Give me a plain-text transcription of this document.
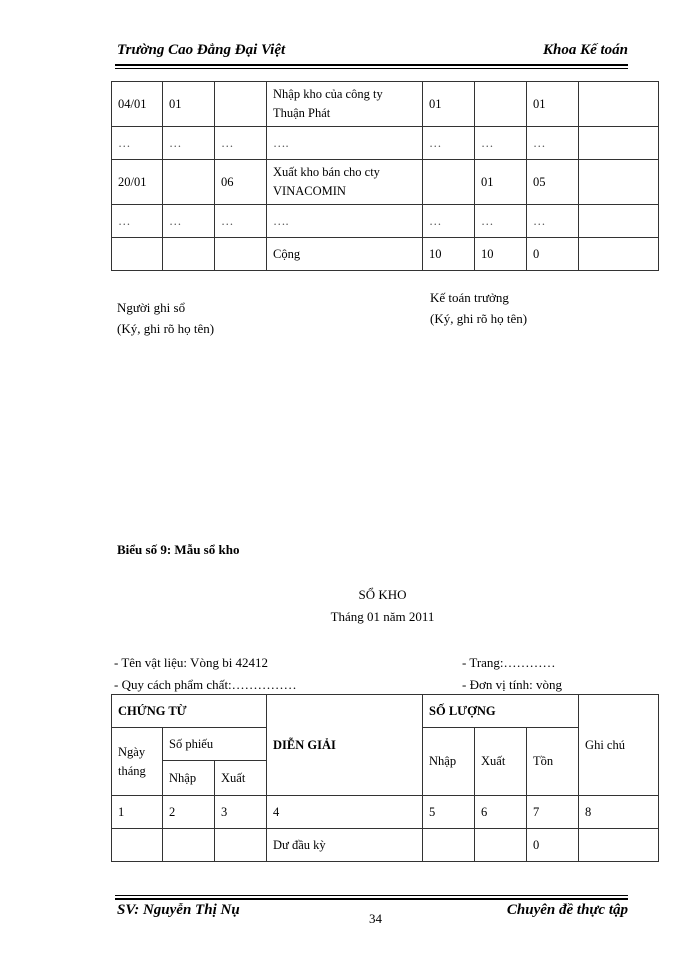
Trường Cao Đẳng Đại Việt	Khoa Kế toán
04/01	01		Nhập kho của công ty Thuận Phát	01		01	
…	…	…	….	…	…	…	
20/01		06	Xuất kho bán cho cty VINACOMIN		01	05	
…	…	…	….	…	…	…	
			Cộng	10	10	0	
Người ghi sổ
(Ký, ghi rõ họ tên)
Kế toán trưởng
(Ký, ghi rõ họ tên)
Biểu số 9: Mẫu sổ kho
SỔ KHO
Tháng 01 năm 2011
- Tên vật liệu: Vòng bi 42412
- Quy cách phẩm chất:……………
- Trang:…………
- Đơn vị tính: vòng
CHỨNG TỪ			DIỄN GIẢI	SỐ LƯỢNG			Ghi chú
Ngày tháng	Số phiếu			Nhập	Xuất	Tồn	
	Nhập	Xuất					
1	2	3	4	5	6	7	8
			Dư đầu kỳ			0	
SV: Nguyễn Thị Nụ
34
Chuyên đề thực tập
